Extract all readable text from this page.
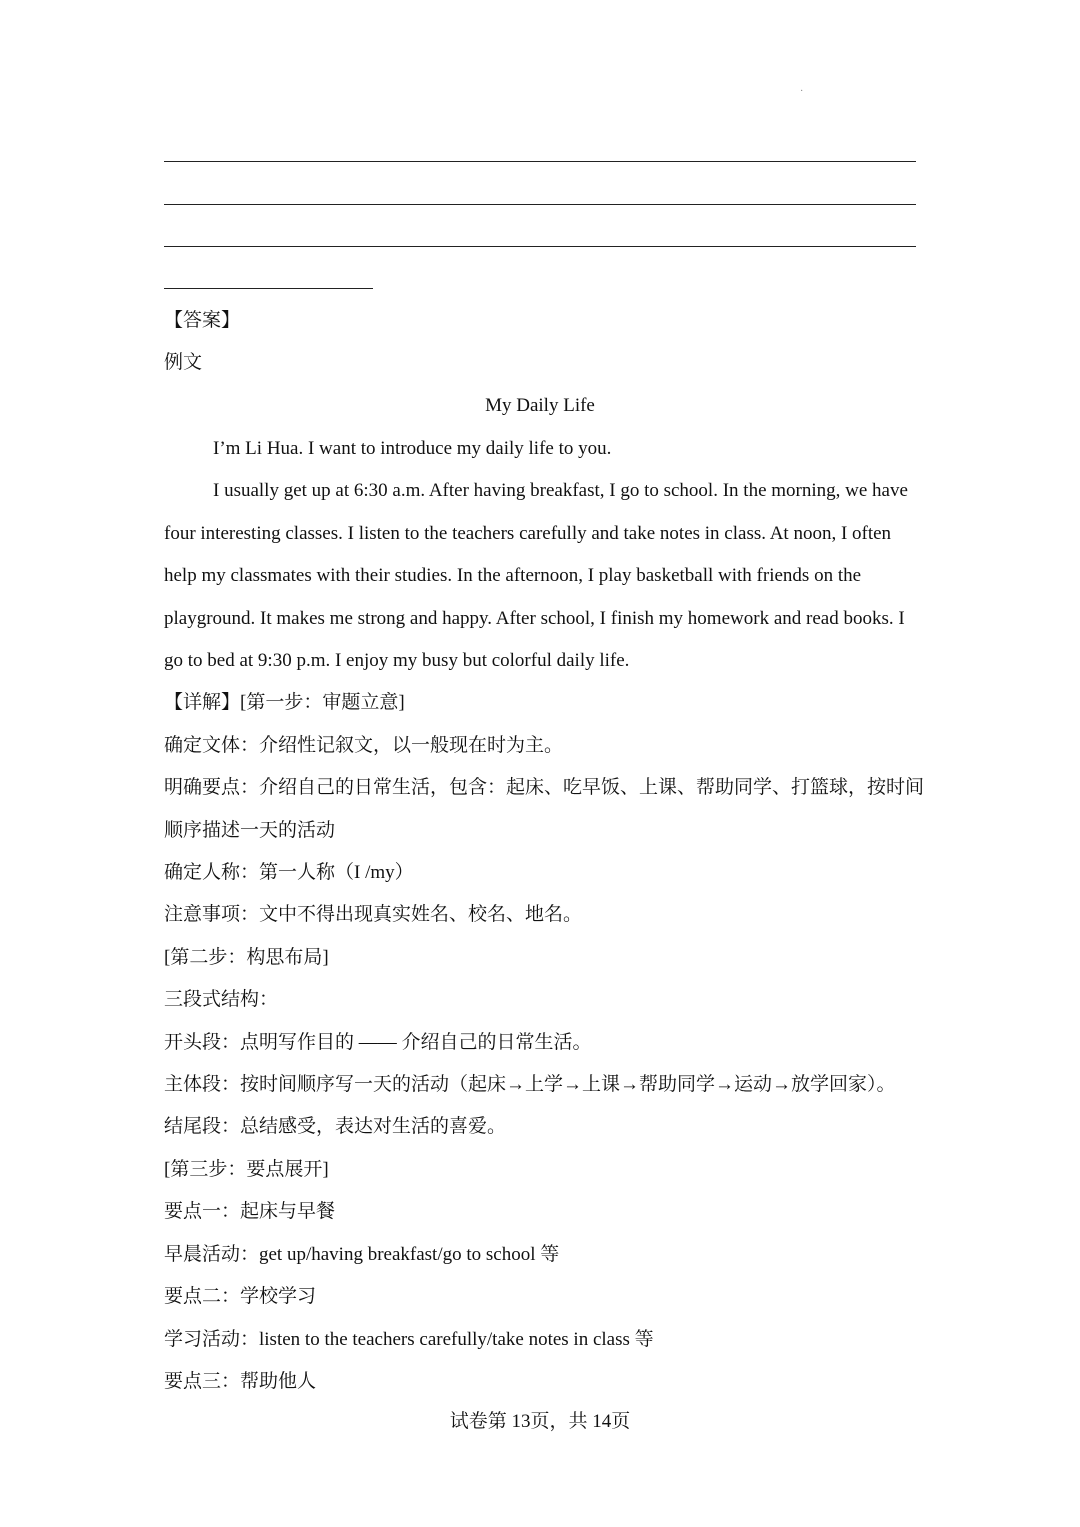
·
【答案】
例文
My Daily Life
I’m Li Hua. I want to introduce my daily life to you.
I usually get up at 6:30 a.m. After having breakfast, I go to school. In the morning, we have
four interesting classes. I listen to the teachers carefully and take notes in class. At noon, I often
help my classmates with their studies. In the afternoon, I play basketball with friends on the
playground. It makes me strong and happy. After school, I finish my homework and read books. I
go to bed at 9:30 p.m. I enjoy my busy but colorful daily life.
【详解】[第一步：审题立意]
确定文体：介绍性记叙文，以一般现在时为主。
明确要点：介绍自己的日常生活，包含：起床、吃早饭、上课、帮助同学、打篮球，按时间
顺序描述一天的活动
确定人称：第一人称（I /my）
注意事项：文中不得出现真实姓名、校名、地名。
[第二步：构思布局]
三段式结构：
开头段：点明写作目的 —— 介绍自己的日常生活。
主体段：按时间顺序写一天的活动（起床→上学→上课→帮助同学→运动→放学回家）。
结尾段：总结感受，表达对生活的喜爱。
[第三步：要点展开]
要点一：起床与早餐
早晨活动：get up/having breakfast/go to school 等
要点二：学校学习
学习活动：listen to the teachers carefully/take notes in class 等
要点三：帮助他人
试卷第 13页，共 14页
